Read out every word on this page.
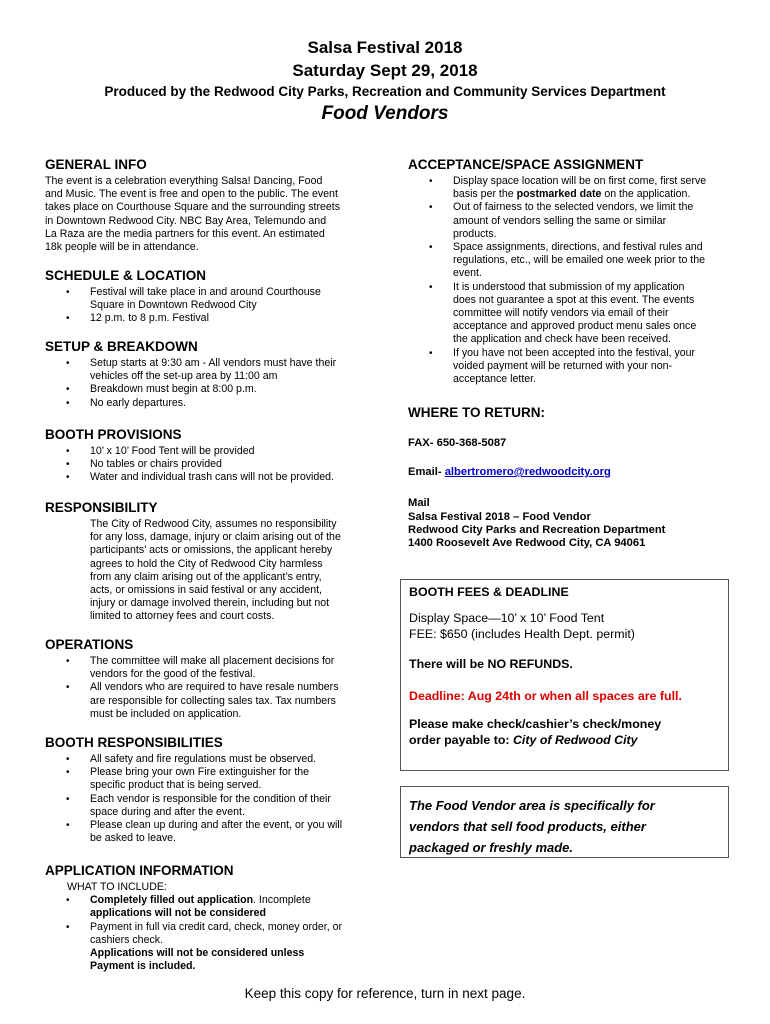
Salsa Festival 2018
Saturday Sept 29, 2018
Produced by the Redwood City Parks, Recreation and Community Services Department
Food Vendors
GENERAL INFO
The event is a celebration everything Salsa! Dancing, Food
and Music. The event is free and open to the public. The event
takes place on Courthouse Square and the surrounding streets
in Downtown Redwood City. NBC Bay Area, Telemundo and
La Raza are the media partners for this event. An estimated
18k people will be in attendance.
SCHEDULE & LOCATION
• Festival will take place in and around Courthouse
Square in Downtown Redwood City
• 12 p.m. to 8 p.m. Festival
SETUP & BREAKDOWN
• Setup starts at 9:30 am - All vendors must have their
vehicles off the set-up area by 11:00 am
• Breakdown must begin at 8:00 p.m.
• No early departures.
BOOTH PROVISIONS
• 10’ x 10’ Food Tent will be provided
• No tables or chairs provided
• Water and individual trash cans will not be provided.
RESPONSIBILITY
The City of Redwood City, assumes no responsibility
for any loss, damage, injury or claim arising out of the
participants’ acts or omissions, the applicant hereby
agrees to hold the City of Redwood City harmless
from any claim arising out of the applicant’s entry,
acts, or omissions in said festival or any accident,
injury or damage involved therein, including but not
limited to attorney fees and court costs.
OPERATIONS
• The committee will make all placement decisions for
vendors for the good of the festival.
• All vendors who are required to have resale numbers
are responsible for collecting sales tax. Tax numbers
must be included on application.
BOOTH RESPONSIBILITIES
• All safety and fire regulations must be observed.
• Please bring your own Fire extinguisher for the
specific product that is being served.
• Each vendor is responsible for the condition of their
space during and after the event.
• Please clean up during and after the event, or you will
be asked to leave.
APPLICATION INFORMATION
WHAT TO INCLUDE:
• Completely filled out application. Incomplete
applications will not be considered
• Payment in full via credit card, check, money order, or
cashiers check.
Applications will not be considered unless
Payment is included.
ACCEPTANCE/SPACE ASSIGNMENT
• Display space location will be on first come, first serve
basis per the postmarked date on the application.
• Out of fairness to the selected vendors, we limit the
amount of vendors selling the same or similar
products.
• Space assignments, directions, and festival rules and
regulations, etc., will be emailed one week prior to the
event.
• It is understood that submission of my application
does not guarantee a spot at this event. The events
committee will notify vendors via email of their
acceptance and approved product menu sales once
the application and check have been received.
• If you have not been accepted into the festival, your
voided payment will be returned with your non-
acceptance letter.
WHERE TO RETURN:
FAX- 650-368-5087
Email- albertromero@redwoodcity.org
Mail
Salsa Festival 2018 – Food Vendor
Redwood City Parks and Recreation Department
1400 Roosevelt Ave Redwood City, CA 94061
BOOTH FEES & DEADLINE
Display Space—10’ x 10’ Food Tent
FEE: $650 (includes Health Dept. permit)
There will be NO REFUNDS.
Deadline: Aug 24th or when all spaces are full.
Please make check/cashier’s check/money
order payable to: City of Redwood City
The Food Vendor area is specifically for
vendors that sell food products, either
packaged or freshly made.
Keep this copy for reference, turn in next page.
